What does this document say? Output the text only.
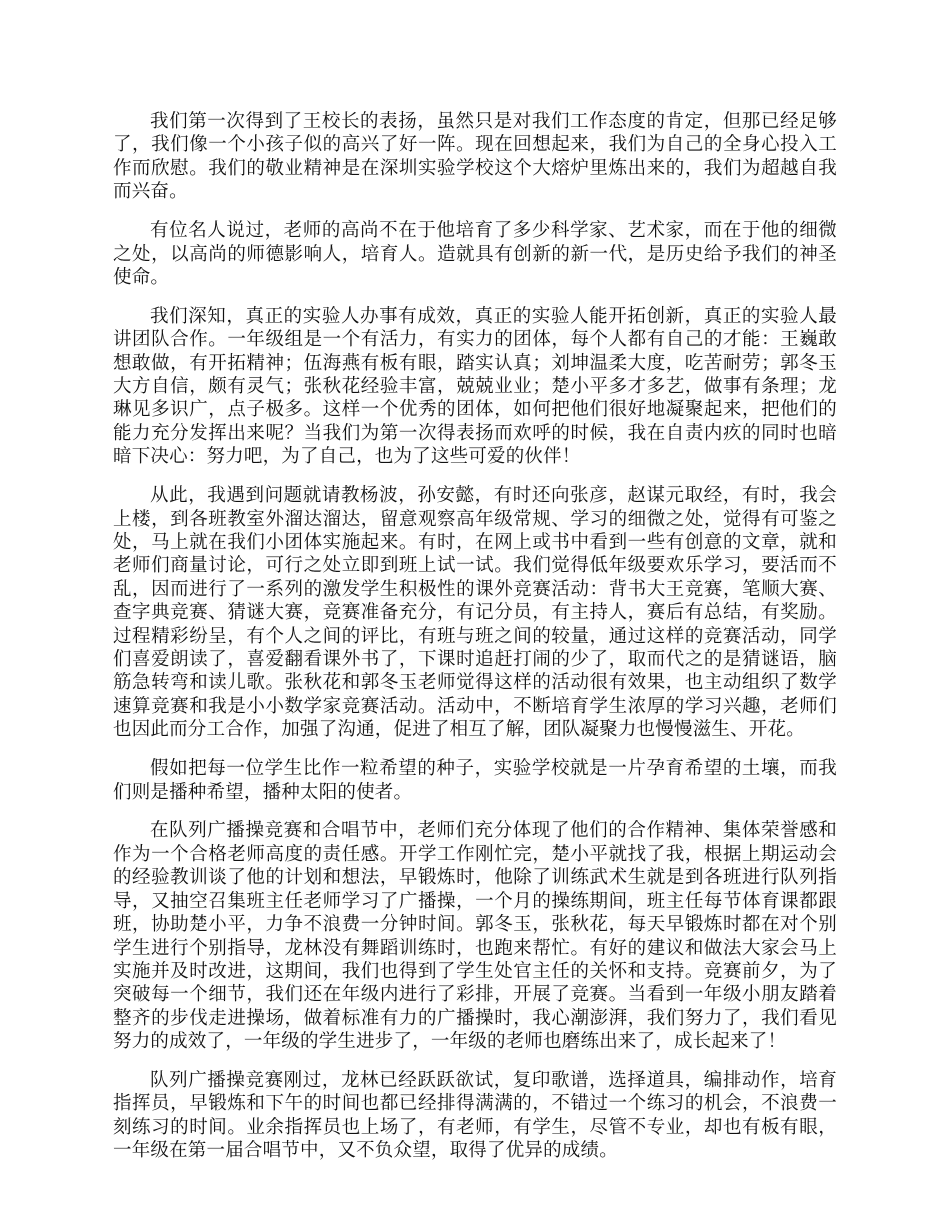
我们第一次得到了王校长的表扬，虽然只是对我们工作态度的肯定，但那已经足够了，我们像一个小孩子似的高兴了好一阵。现在回想起来，我们为自己的全身心投入工作而欣慰。我们的敬业精神是在深圳实验学校这个大熔炉里炼出来的，我们为超越自我而兴奋。

有位名人说过，老师的高尚不在于他培育了多少科学家、艺术家，而在于他的细微之处，以高尚的师德影响人，培育人。造就具有创新的新一代，是历史给予我们的神圣使命。

我们深知，真正的实验人办事有成效，真正的实验人能开拓创新，真正的实验人最讲团队合作。一年级组是一个有活力，有实力的团体，每个人都有自己的才能：王巍敢想敢做，有开拓精神；伍海燕有板有眼，踏实认真；刘坤温柔大度，吃苦耐劳；郭冬玉大方自信，颇有灵气；张秋花经验丰富，兢兢业业；楚小平多才多艺，做事有条理；龙琳见多识广，点子极多。这样一个优秀的团体，如何把他们很好地凝聚起来，把他们的能力充分发挥出来呢？当我们为第一次得表扬而欢呼的时候，我在自责内疚的同时也暗暗下决心：努力吧，为了自己，也为了这些可爱的伙伴！

从此，我遇到问题就请教杨波，孙安懿，有时还向张彦，赵谋元取经，有时，我会上楼，到各班教室外溜达溜达，留意观察高年级常规、学习的细微之处，觉得有可鉴之处，马上就在我们小团体实施起来。有时，在网上或书中看到一些有创意的文章，就和老师们商量讨论，可行之处立即到班上试一试。我们觉得低年级要欢乐学习，要活而不乱，因而进行了一系列的激发学生积极性的课外竞赛活动：背书大王竞赛，笔顺大赛、查字典竞赛、猜谜大赛，竞赛准备充分，有记分员，有主持人，赛后有总结，有奖励。过程精彩纷呈，有个人之间的评比，有班与班之间的较量，通过这样的竞赛活动，同学们喜爱朗读了，喜爱翻看课外书了，下课时追赶打闹的少了，取而代之的是猜谜语，脑筋急转弯和读儿歌。张秋花和郭冬玉老师觉得这样的活动很有效果，也主动组织了数学速算竞赛和我是小小数学家竞赛活动。活动中，不断培育学生浓厚的学习兴趣，老师们也因此而分工合作，加强了沟通，促进了相互了解，团队凝聚力也慢慢滋生、开花。

假如把每一位学生比作一粒希望的种子，实验学校就是一片孕育希望的土壤，而我们则是播种希望，播种太阳的使者。

在队列广播操竞赛和合唱节中，老师们充分体现了他们的合作精神、集体荣誉感和作为一个合格老师高度的责任感。开学工作刚忙完，楚小平就找了我，根据上期运动会的经验教训谈了他的计划和想法，早锻炼时，他除了训练武术生就是到各班进行队列指导，又抽空召集班主任老师学习了广播操，一个月的操练期间，班主任每节体育课都跟班，协助楚小平，力争不浪费一分钟时间。郭冬玉，张秋花，每天早锻炼时都在对个别学生进行个别指导，龙林没有舞蹈训练时，也跑来帮忙。有好的建议和做法大家会马上实施并及时改进，这期间，我们也得到了学生处官主任的关怀和支持。竞赛前夕，为了突破每一个细节，我们还在年级内进行了彩排，开展了竞赛。当看到一年级小朋友踏着整齐的步伐走进操场，做着标准有力的广播操时，我心潮澎湃，我们努力了，我们看见努力的成效了，一年级的学生进步了，一年级的老师也磨练出来了，成长起来了！

队列广播操竞赛刚过，龙林已经跃跃欲试，复印歌谱，选择道具，编排动作，培育指挥员，早锻炼和下午的时间也都已经排得满满的，不错过一个练习的机会，不浪费一刻练习的时间。业余指挥员也上场了，有老师，有学生，尽管不专业，却也有板有眼，一年级在第一届合唱节中，又不负众望，取得了优异的成绩。
